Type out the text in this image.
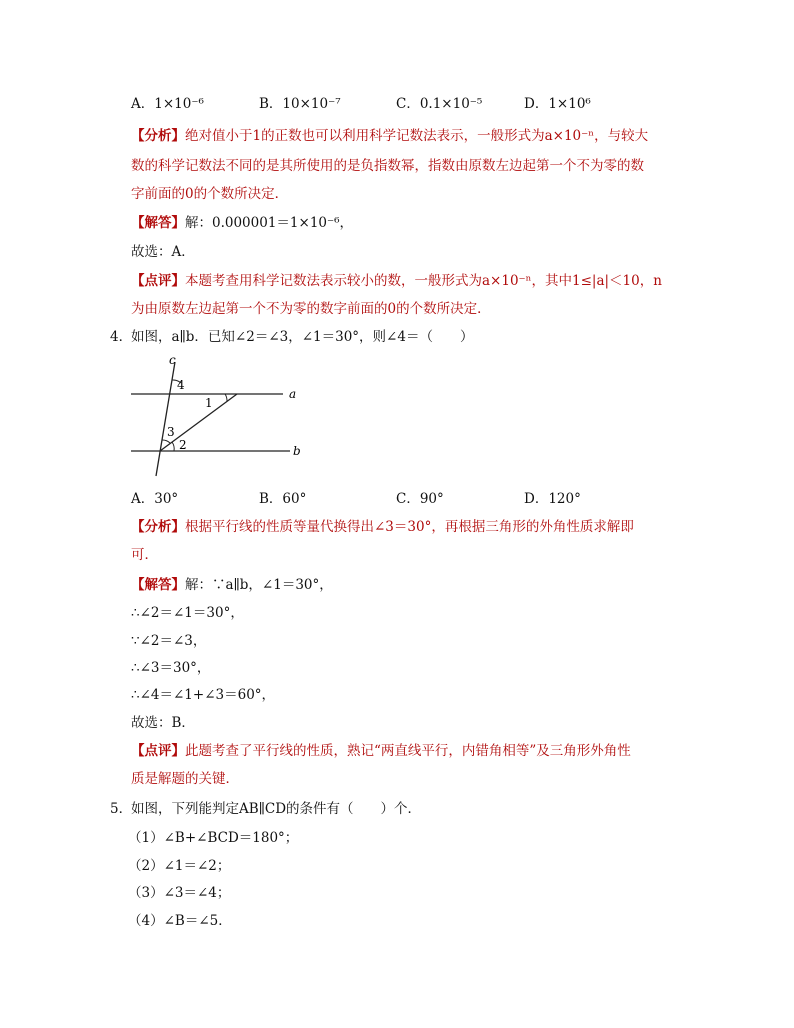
A．1×10⁻⁶	B．10×10⁻⁷	C．0.1×10⁻⁵	D．1×10⁶
【分析】绝对值小于1的正数也可以利用科学记数法表示，一般形式为a×10⁻ⁿ，与较大
数的科学记数法不同的是其所使用的是负指数幂，指数由原数左边起第一个不为零的数
字前面的0的个数所决定．
【解答】解：0.000001＝1×10⁻⁶，
故选：A．
【点评】本题考查用科学记数法表示较小的数，一般形式为a×10⁻ⁿ，其中1≤|a|＜10，n
为由原数左边起第一个不为零的数字前面的0的个数所决定．
4．
如图，a∥b．已知∠2＝∠3，∠1＝30°，则∠4＝（　　）
c
a
b
1
2
3
4
A．30°	B．60°	C．90°	D．120°
【分析】根据平行线的性质等量代换得出∠3＝30°，再根据三角形的外角性质求解即
可．
【解答】解：∵a∥b，∠1＝30°，
∴∠2＝∠1＝30°，
∵∠2＝∠3，
∴∠3＝30°，
∴∠4＝∠1+∠3＝60°，
故选：B．
【点评】此题考查了平行线的性质，熟记“两直线平行，内错角相等”及三角形外角性
质是解题的关键．
5．
如图，下列能判定AB∥CD的条件有（　　）个．
（1）∠B+∠BCD＝180°；
（2）∠1＝∠2；
（3）∠3＝∠4；
（4）∠B＝∠5．
